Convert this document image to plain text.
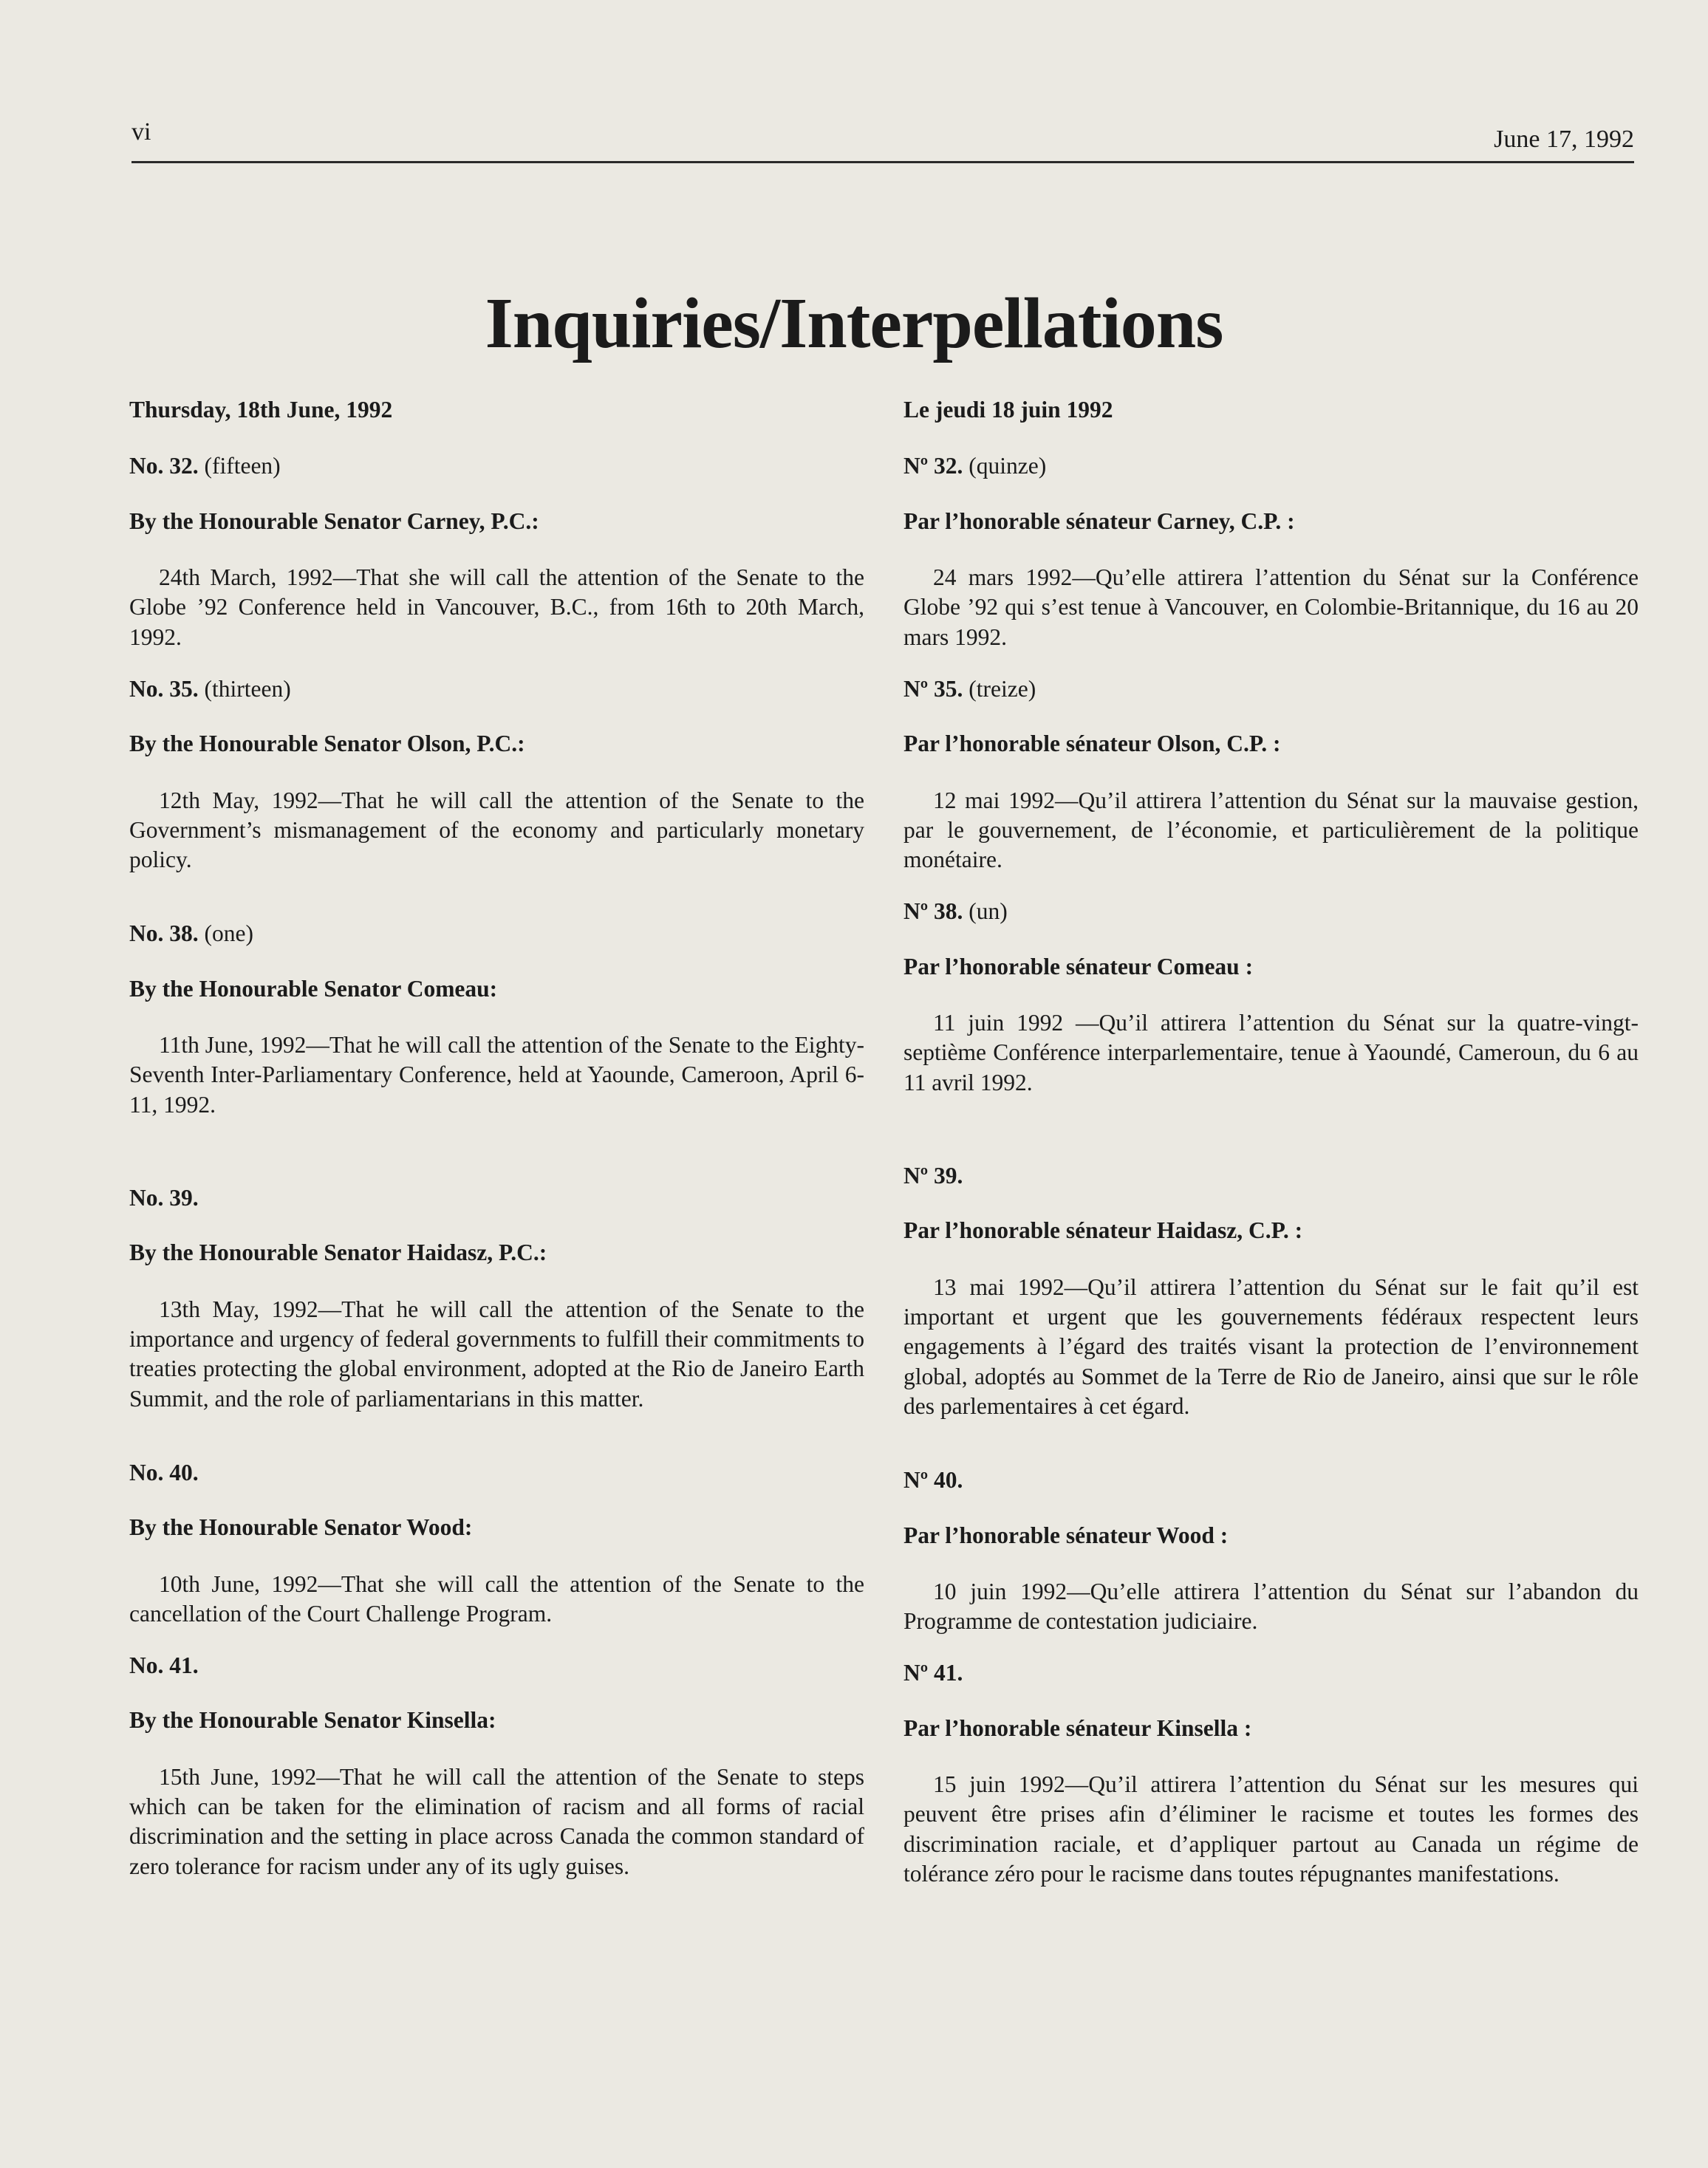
vi	June 17, 1992
Inquiries/Interpellations
Thursday, 18th June, 1992
No. 32. (fifteen)
By the Honourable Senator Carney, P.C.:

24th March, 1992—That she will call the attention of the Senate to the Globe ’92 Conference held in Vancouver, B.C., from 16th to 20th March, 1992.

No. 35. (thirteen)
By the Honourable Senator Olson, P.C.:

12th May, 1992—That he will call the attention of the Senate to the Government’s mismanagement of the economy and particularly monetary policy.

No. 38. (one)
By the Honourable Senator Comeau:

11th June, 1992—That he will call the attention of the Senate to the Eighty-Seventh Inter-Parliamentary Conference, held at Yaounde, Cameroon, April 6-11, 1992.

No. 39.
By the Honourable Senator Haidasz, P.C.:

13th May, 1992—That he will call the attention of the Senate to the importance and urgency of federal governments to fulfill their commitments to treaties protecting the global environment, adopted at the Rio de Janeiro Earth Summit, and the role of parliamentarians in this matter.

No. 40.
By the Honourable Senator Wood:

10th June, 1992—That she will call the attention of the Senate to the cancellation of the Court Challenge Program.

No. 41.
By the Honourable Senator Kinsella:

15th June, 1992—That he will call the attention of the Senate to steps which can be taken for the elimination of racism and all forms of racial discrimination and the setting in place across Canada the common standard of zero tolerance for racism under any of its ugly guises.

Le jeudi 18 juin 1992
Nº 32. (quinze)
Par l’honorable sénateur Carney, C.P. :

24 mars 1992—Qu’elle attirera l’attention du Sénat sur la Conférence Globe ’92 qui s’est tenue à Vancouver, en Colombie-Britannique, du 16 au 20 mars 1992.

Nº 35. (treize)
Par l’honorable sénateur Olson, C.P. :

12 mai 1992—Qu’il attirera l’attention du Sénat sur la mauvaise gestion, par le gouvernement, de l’économie, et particulièrement de la politique monétaire.

Nº 38. (un)
Par l’honorable sénateur Comeau :

11 juin 1992 —Qu’il attirera l’attention du Sénat sur la quatre-vingt-septième Conférence interparlementaire, tenue à Yaoundé, Cameroun, du 6 au 11 avril 1992.

Nº 39.
Par l’honorable sénateur Haidasz, C.P. :

13 mai 1992—Qu’il attirera l’attention du Sénat sur le fait qu’il est important et urgent que les gouvernements fédéraux respectent leurs engagements à l’égard des traités visant la protection de l’environnement global, adoptés au Sommet de la Terre de Rio de Janeiro, ainsi que sur le rôle des parlementaires à cet égard.

Nº 40.
Par l’honorable sénateur Wood :

10 juin 1992—Qu’elle attirera l’attention du Sénat sur l’abandon du Programme de contestation judiciaire.

Nº 41.
Par l’honorable sénateur Kinsella :

15 juin 1992—Qu’il attirera l’attention du Sénat sur les mesures qui peuvent être prises afin d’éliminer le racisme et toutes les formes des discrimination raciale, et d’appliquer partout au Canada un régime de tolérance zéro pour le racisme dans toutes répugnantes manifestations.
